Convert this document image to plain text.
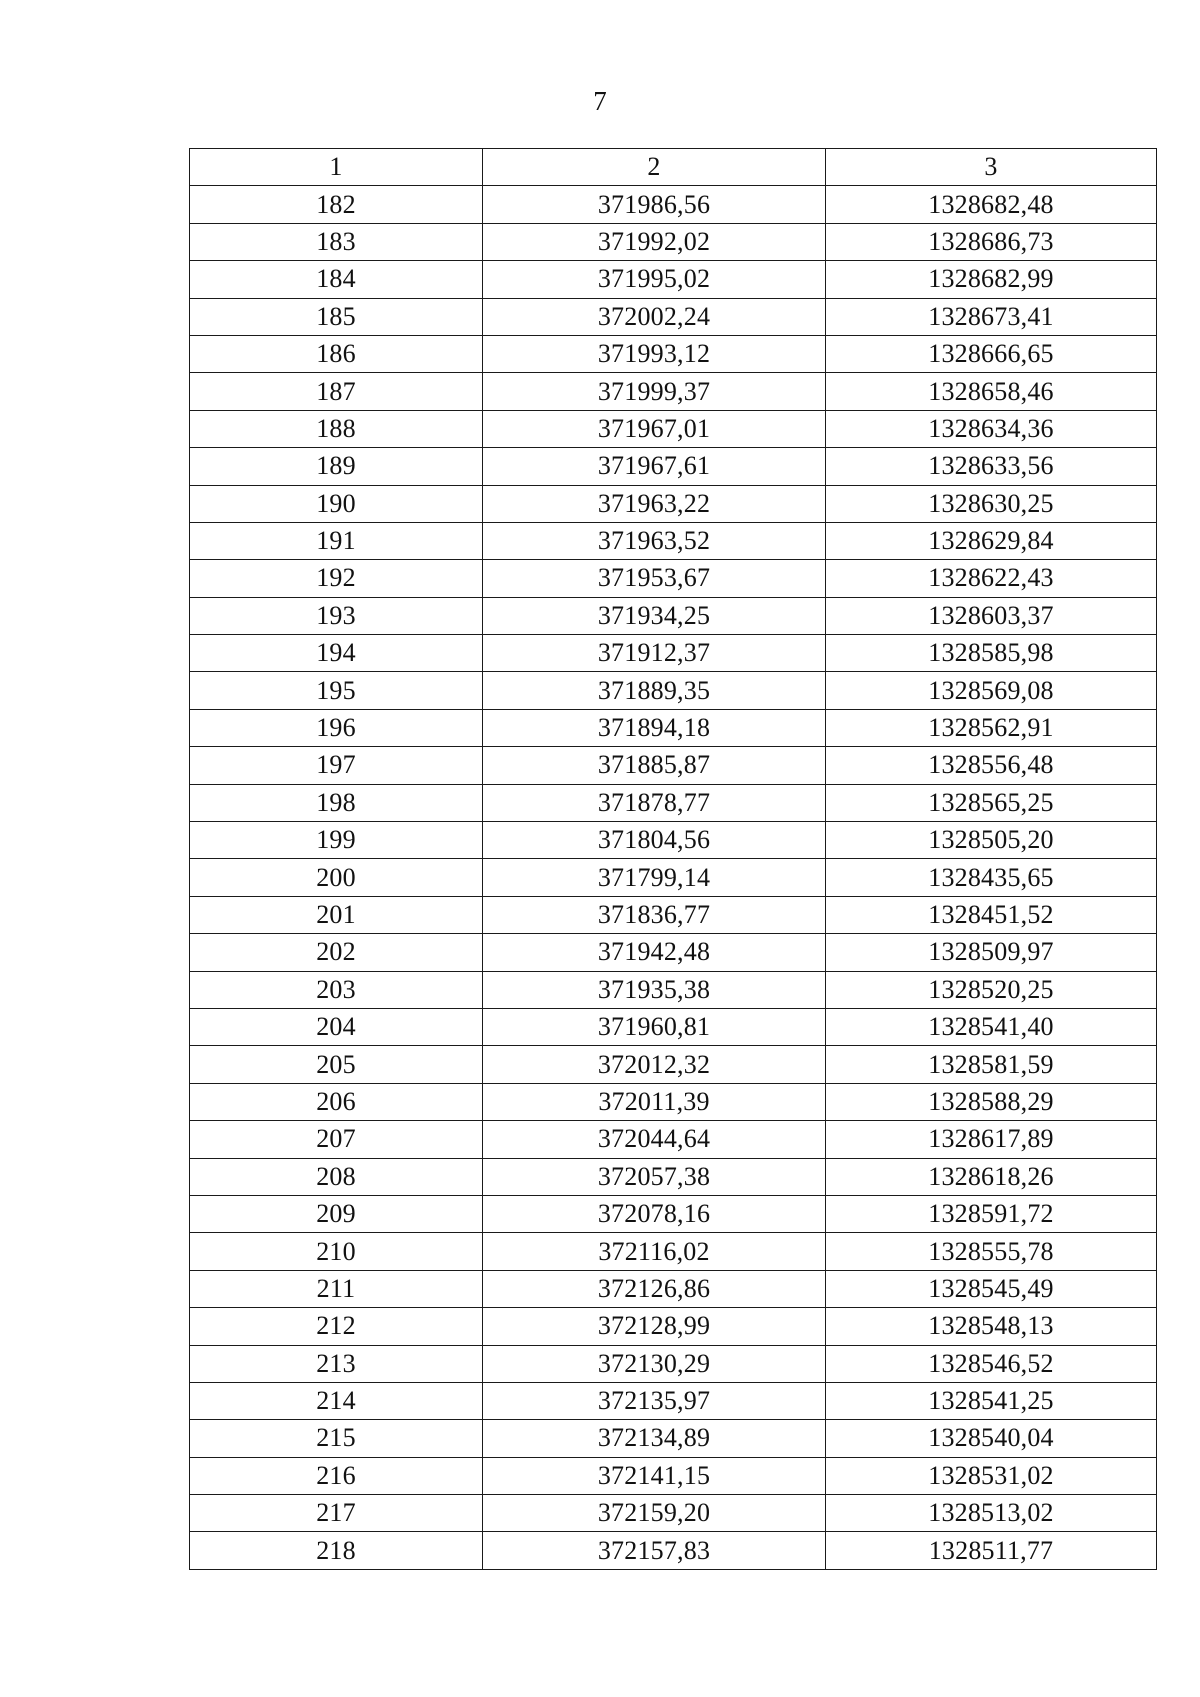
7
1	2	3
182	371986,56	1328682,48
183	371992,02	1328686,73
184	371995,02	1328682,99
185	372002,24	1328673,41
186	371993,12	1328666,65
187	371999,37	1328658,46
188	371967,01	1328634,36
189	371967,61	1328633,56
190	371963,22	1328630,25
191	371963,52	1328629,84
192	371953,67	1328622,43
193	371934,25	1328603,37
194	371912,37	1328585,98
195	371889,35	1328569,08
196	371894,18	1328562,91
197	371885,87	1328556,48
198	371878,77	1328565,25
199	371804,56	1328505,20
200	371799,14	1328435,65
201	371836,77	1328451,52
202	371942,48	1328509,97
203	371935,38	1328520,25
204	371960,81	1328541,40
205	372012,32	1328581,59
206	372011,39	1328588,29
207	372044,64	1328617,89
208	372057,38	1328618,26
209	372078,16	1328591,72
210	372116,02	1328555,78
211	372126,86	1328545,49
212	372128,99	1328548,13
213	372130,29	1328546,52
214	372135,97	1328541,25
215	372134,89	1328540,04
216	372141,15	1328531,02
217	372159,20	1328513,02
218	372157,83	1328511,77
